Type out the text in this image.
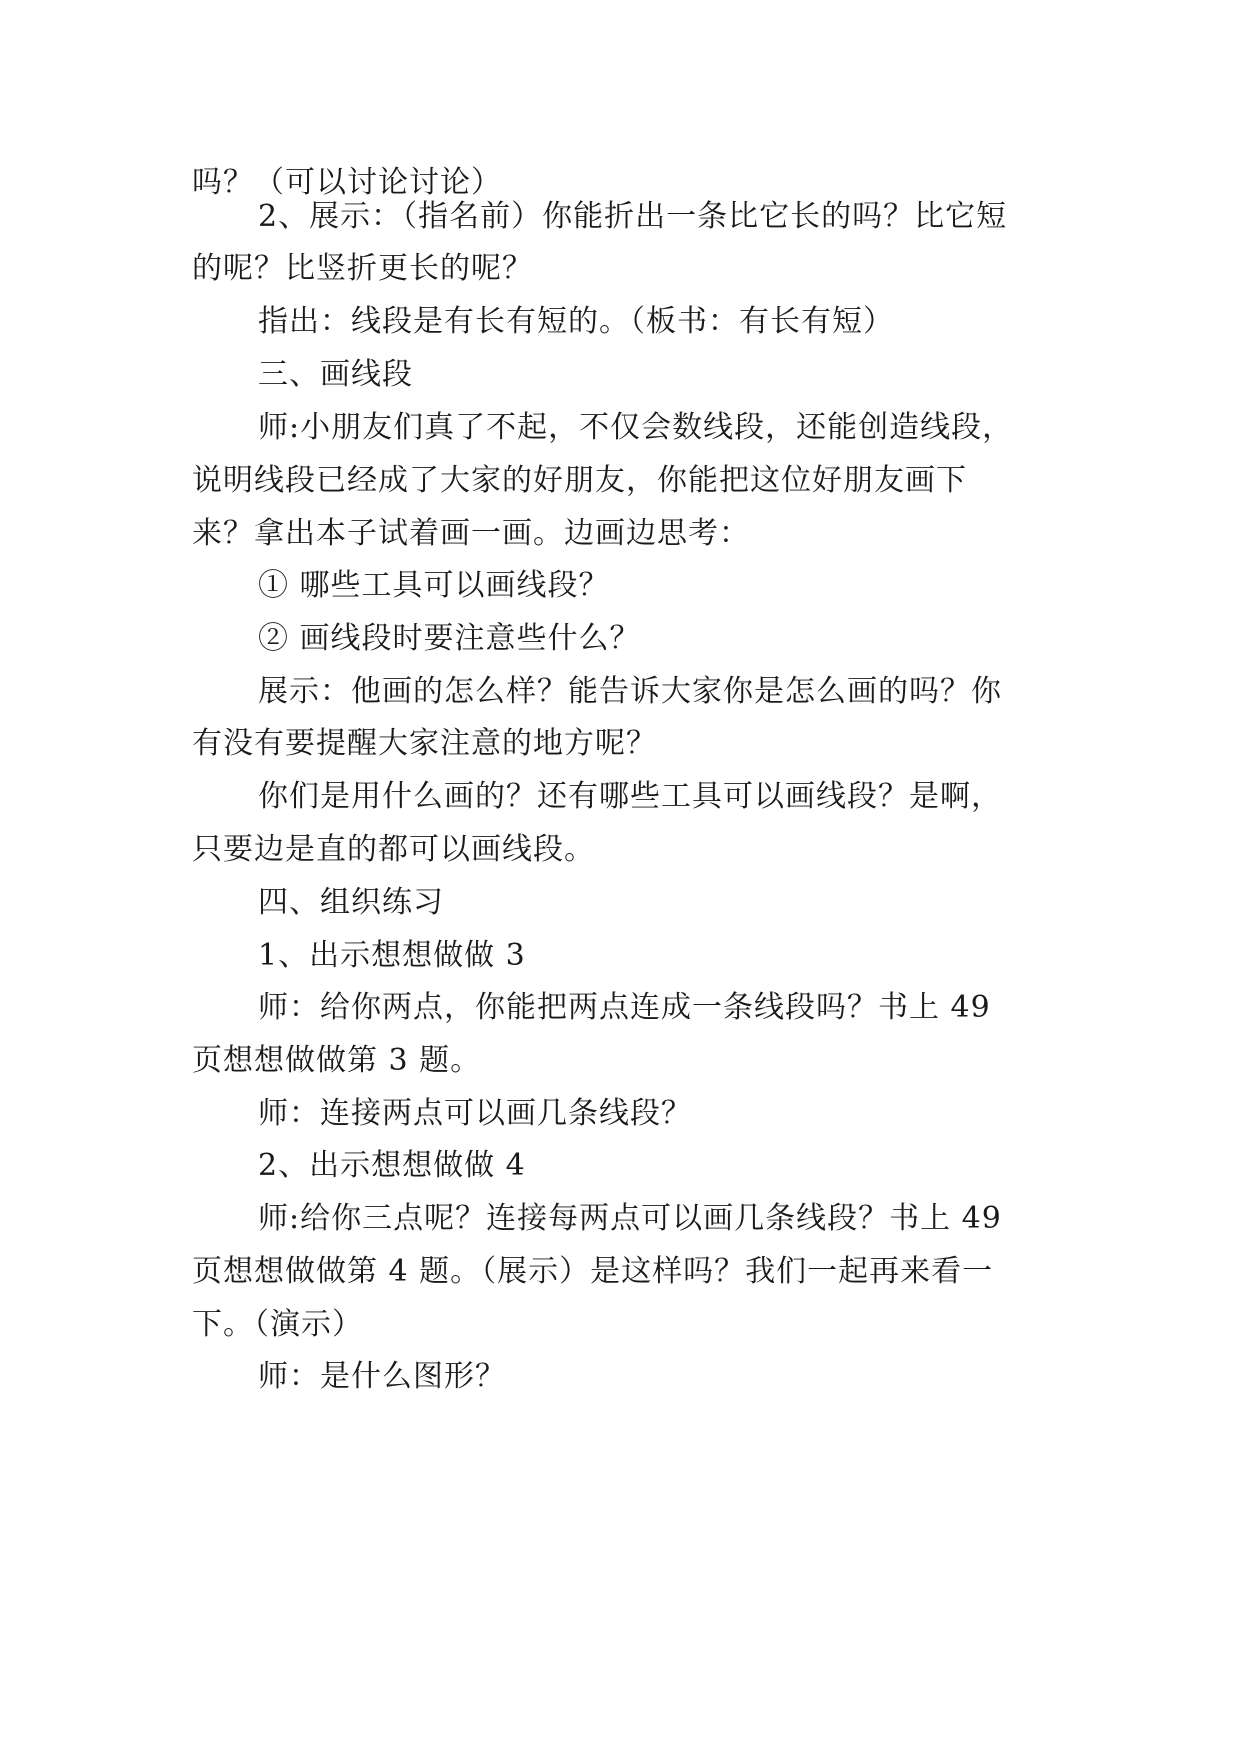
吗？（可以讨论讨论）
2、展示：（指名前）你能折出一条比它长的吗？比它短
的呢？比竖折更长的呢？
指出：线段是有长有短的。（板书：有长有短）
三、画线段
师:小朋友们真了不起，不仅会数线段，还能创造线段，
说明线段已经成了大家的好朋友，你能把这位好朋友画下
来？拿出本子试着画一画。边画边思考：
① 哪些工具可以画线段？
② 画线段时要注意些什么？
展示：他画的怎么样？能告诉大家你是怎么画的吗？你
有没有要提醒大家注意的地方呢？
你们是用什么画的？还有哪些工具可以画线段？是啊，
只要边是直的都可以画线段。
四、组织练习
1、出示想想做做 3
师：给你两点，你能把两点连成一条线段吗？书上 49
页想想做做第 3 题。
师：连接两点可以画几条线段？
2、出示想想做做 4
师:给你三点呢？连接每两点可以画几条线段？书上 49
页想想做做第 4 题。（展示）是这样吗？我们一起再来看一
下。（演示）
师：是什么图形？
